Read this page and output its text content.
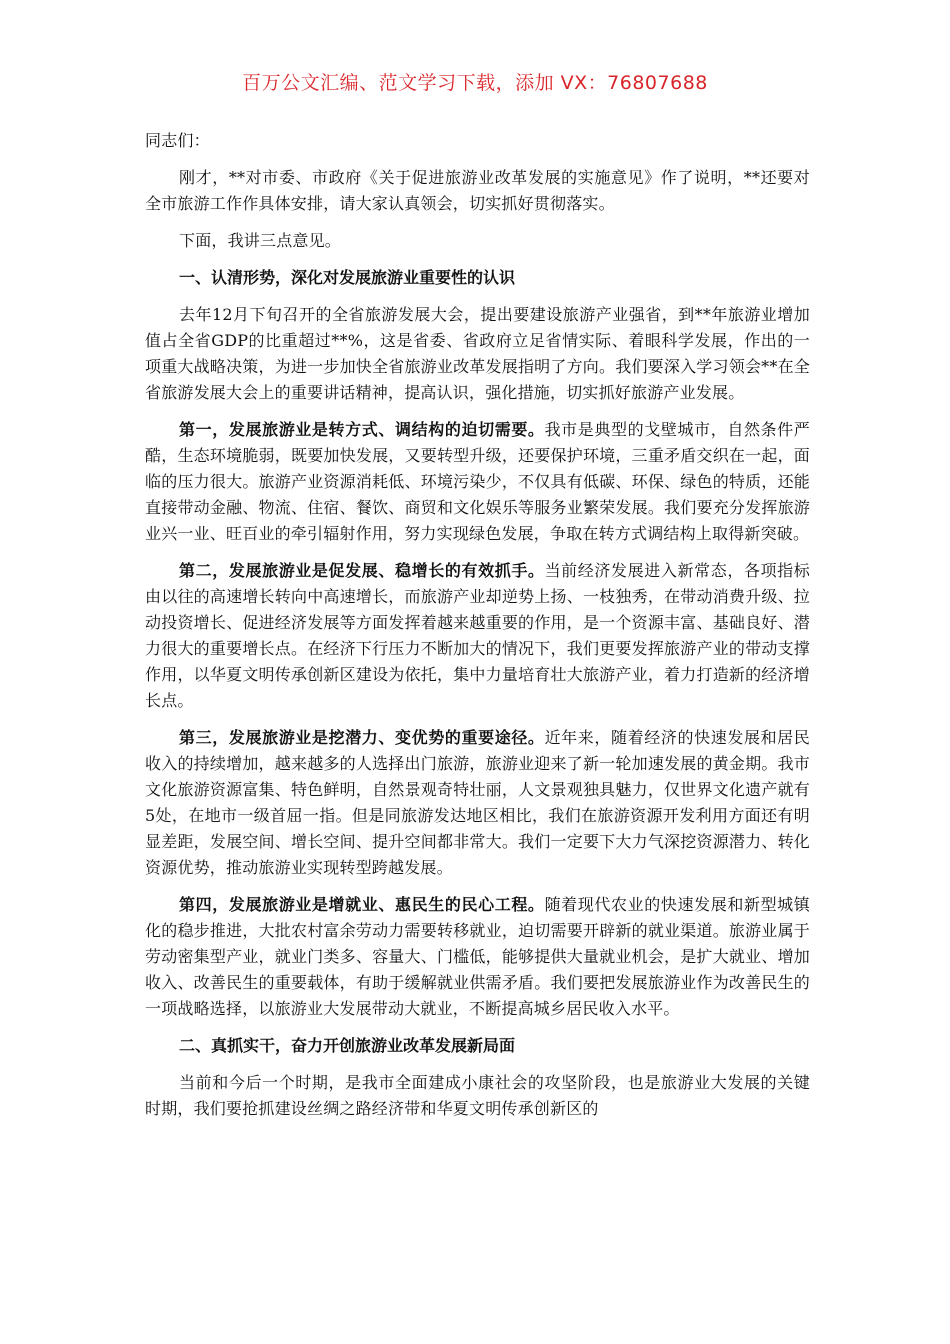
百万公文汇编、范文学习下载，添加 VX：76807688

同志们：

刚才，**对市委、市政府《关于促进旅游业改革发展的实施意见》作了说明，**还要对全市旅游工作作具体安排，请大家认真领会，切实抓好贯彻落实。

下面，我讲三点意见。

一、认清形势，深化对发展旅游业重要性的认识

去年12月下旬召开的全省旅游发展大会，提出要建设旅游产业强省，到**年旅游业增加值占全省GDP的比重超过**%，这是省委、省政府立足省情实际、着眼科学发展，作出的一项重大战略决策，为进一步加快全省旅游业改革发展指明了方向。我们要深入学习领会**在全省旅游发展大会上的重要讲话精神，提高认识，强化措施，切实抓好旅游产业发展。

第一，发展旅游业是转方式、调结构的迫切需要。我市是典型的戈壁城市，自然条件严酷，生态环境脆弱，既要加快发展，又要转型升级，还要保护环境，三重矛盾交织在一起，面临的压力很大。旅游产业资源消耗低、环境污染少，不仅具有低碳、环保、绿色的特质，还能直接带动金融、物流、住宿、餐饮、商贸和文化娱乐等服务业繁荣发展。我们要充分发挥旅游业兴一业、旺百业的牵引辐射作用，努力实现绿色发展，争取在转方式调结构上取得新突破。

第二，发展旅游业是促发展、稳增长的有效抓手。当前经济发展进入新常态，各项指标由以往的高速增长转向中高速增长，而旅游产业却逆势上扬、一枝独秀，在带动消费升级、拉动投资增长、促进经济发展等方面发挥着越来越重要的作用，是一个资源丰富、基础良好、潜力很大的重要增长点。在经济下行压力不断加大的情况下，我们更要发挥旅游产业的带动支撑作用，以华夏文明传承创新区建设为依托，集中力量培育壮大旅游产业，着力打造新的经济增长点。

第三，发展旅游业是挖潜力、变优势的重要途径。近年来，随着经济的快速发展和居民收入的持续增加，越来越多的人选择出门旅游，旅游业迎来了新一轮加速发展的黄金期。我市文化旅游资源富集、特色鲜明，自然景观奇特壮丽，人文景观独具魅力，仅世界文化遗产就有5处，在地市一级首屈一指。但是同旅游发达地区相比，我们在旅游资源开发利用方面还有明显差距，发展空间、增长空间、提升空间都非常大。我们一定要下大力气深挖资源潜力、转化资源优势，推动旅游业实现转型跨越发展。

第四，发展旅游业是增就业、惠民生的民心工程。随着现代农业的快速发展和新型城镇化的稳步推进，大批农村富余劳动力需要转移就业，迫切需要开辟新的就业渠道。旅游业属于劳动密集型产业，就业门类多、容量大、门槛低，能够提供大量就业机会，是扩大就业、增加收入、改善民生的重要载体，有助于缓解就业供需矛盾。我们要把发展旅游业作为改善民生的一项战略选择，以旅游业大发展带动大就业，不断提高城乡居民收入水平。

二、真抓实干，奋力开创旅游业改革发展新局面

当前和今后一个时期，是我市全面建成小康社会的攻坚阶段，也是旅游业大发展的关键时期，我们要抢抓建设丝绸之路经济带和华夏文明传承创新区的
